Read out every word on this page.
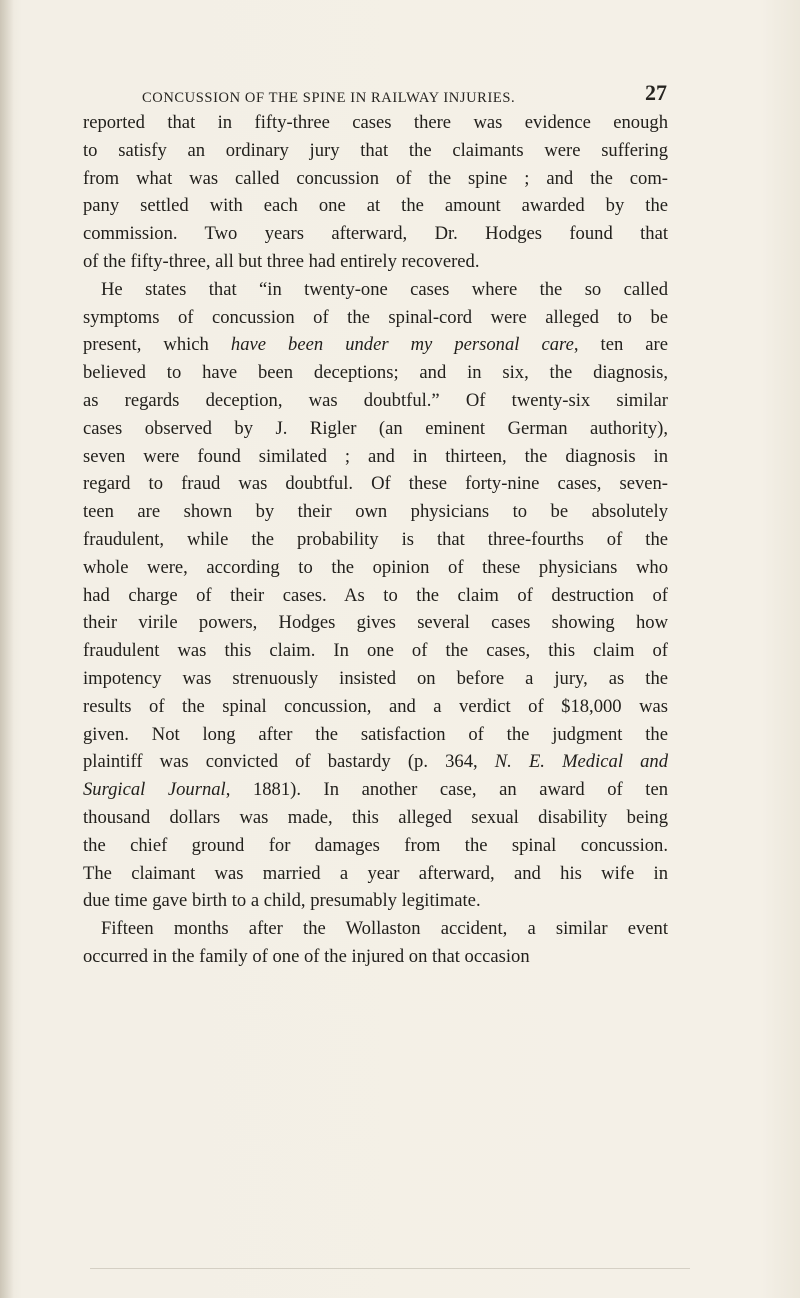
CONCUSSION OF THE SPINE IN RAILWAY INJURIES.	27

reported that in fifty-three cases there was evidence enough

to satisfy an ordinary jury that the claimants were suffering

from what was called concussion of the spine ; and the com-

pany settled with each one at the amount awarded by the

commission. Two years afterward, Dr. Hodges found that

of the fifty-three, all but three had entirely recovered.

He states that “in twenty-one cases where the so called

symptoms of concussion of the spinal-cord were alleged to be

present, which have been under my personal care, ten are

believed to have been deceptions; and in six, the diagnosis,

as regards deception, was doubtful.” Of twenty-six similar

cases observed by J. Rigler (an eminent German authority),

seven were found similated ; and in thirteen, the diagnosis in

regard to fraud was doubtful. Of these forty-nine cases, seven-

teen are shown by their own physicians to be absolutely

fraudulent, while the probability is that three-fourths of the

whole were, according to the opinion of these physicians who

had charge of their cases. As to the claim of destruction of

their virile powers, Hodges gives several cases showing how

fraudulent was this claim. In one of the cases, this claim of

impotency was strenuously insisted on before a jury, as the

results of the spinal concussion, and a verdict of $18,000 was

given. Not long after the satisfaction of the judgment the

plaintiff was convicted of bastardy (p. 364, N. E. Medical and

Surgical Journal, 1881). In another case, an award of ten

thousand dollars was made, this alleged sexual disability being

the chief ground for damages from the spinal concussion.

The claimant was married a year afterward, and his wife in

due time gave birth to a child, presumably legitimate.

Fifteen months after the Wollaston accident, a similar event

occurred in the family of one of the injured on that occasion
